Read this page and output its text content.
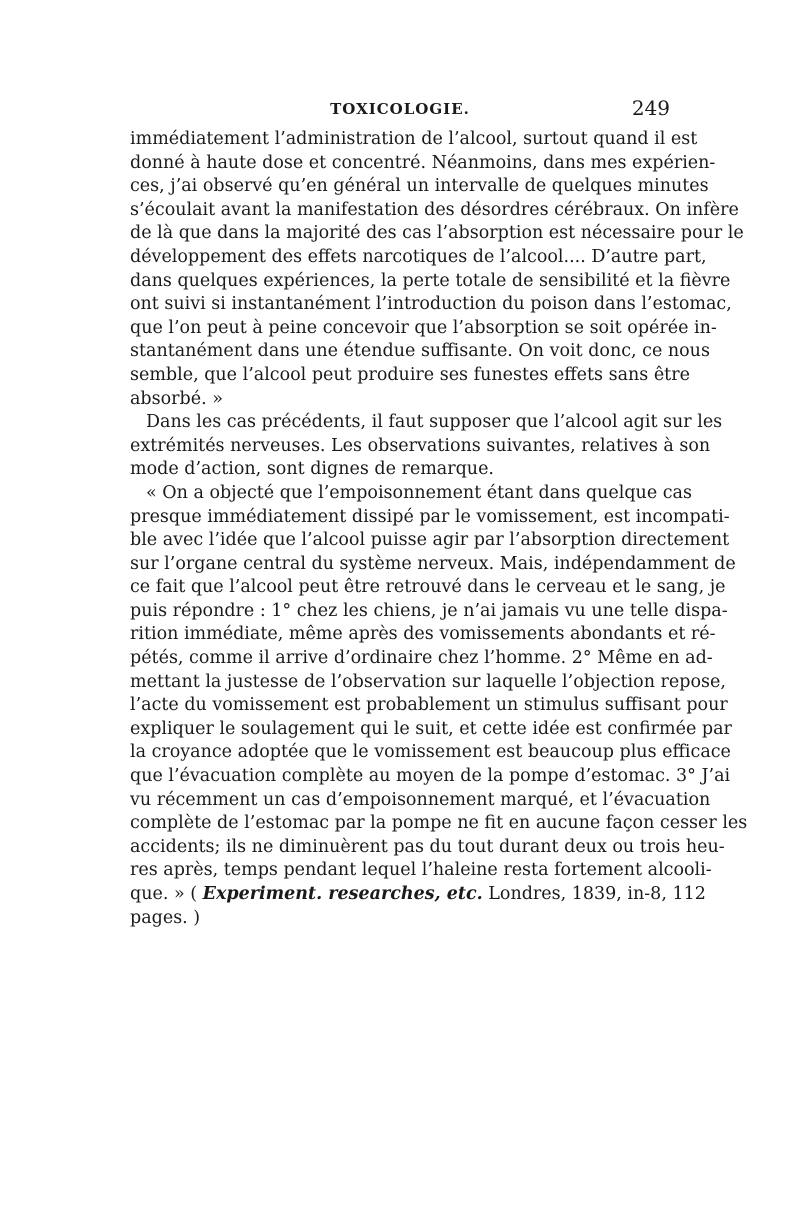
TOXICOLOGIE.	249
immédiatement l’administration de l’alcool, surtout quand il est
donné à haute dose et concentré. Néanmoins, dans mes expérien-
ces, j’ai observé qu’en général un intervalle de quelques minutes
s’écoulait avant la manifestation des désordres cérébraux. On infère
de là que dans la majorité des cas l’absorption est nécessaire pour le
développement des effets narcotiques de l’alcool.... D’autre part,
dans quelques expériences, la perte totale de sensibilité et la fièvre
ont suivi si instantanément l’introduction du poison dans l’estomac,
que l’on peut à peine concevoir que l’absorption se soit opérée in-
stantanément dans une étendue suffisante. On voit donc, ce nous
semble, que l’alcool peut produire ses funestes effets sans être
absorbé. »
Dans les cas précédents, il faut supposer que l’alcool agit sur les
extrémités nerveuses. Les observations suivantes, relatives à son
mode d’action, sont dignes de remarque.
« On a objecté que l’empoisonnement étant dans quelque cas
presque immédiatement dissipé par le vomissement, est incompati-
ble avec l’idée que l’alcool puisse agir par l’absorption directement
sur l’organe central du système nerveux. Mais, indépendamment de
ce fait que l’alcool peut être retrouvé dans le cerveau et le sang, je
puis répondre : 1° chez les chiens, je n’ai jamais vu une telle dispa-
rition immédiate, même après des vomissements abondants et ré-
pétés, comme il arrive d’ordinaire chez l’homme. 2° Même en ad-
mettant la justesse de l’observation sur laquelle l’objection repose,
l’acte du vomissement est probablement un stimulus suffisant pour
expliquer le soulagement qui le suit, et cette idée est confirmée par
la croyance adoptée que le vomissement est beaucoup plus efficace
que l’évacuation complète au moyen de la pompe d’estomac. 3° J’ai
vu récemment un cas d’empoisonnement marqué, et l’évacuation
complète de l’estomac par la pompe ne fit en aucune façon cesser les
accidents; ils ne diminuèrent pas du tout durant deux ou trois heu-
res après, temps pendant lequel l’haleine resta fortement alcooli-
que. » ( Experiment. researches, etc. Londres, 1839, in-8, 112
pages. )
